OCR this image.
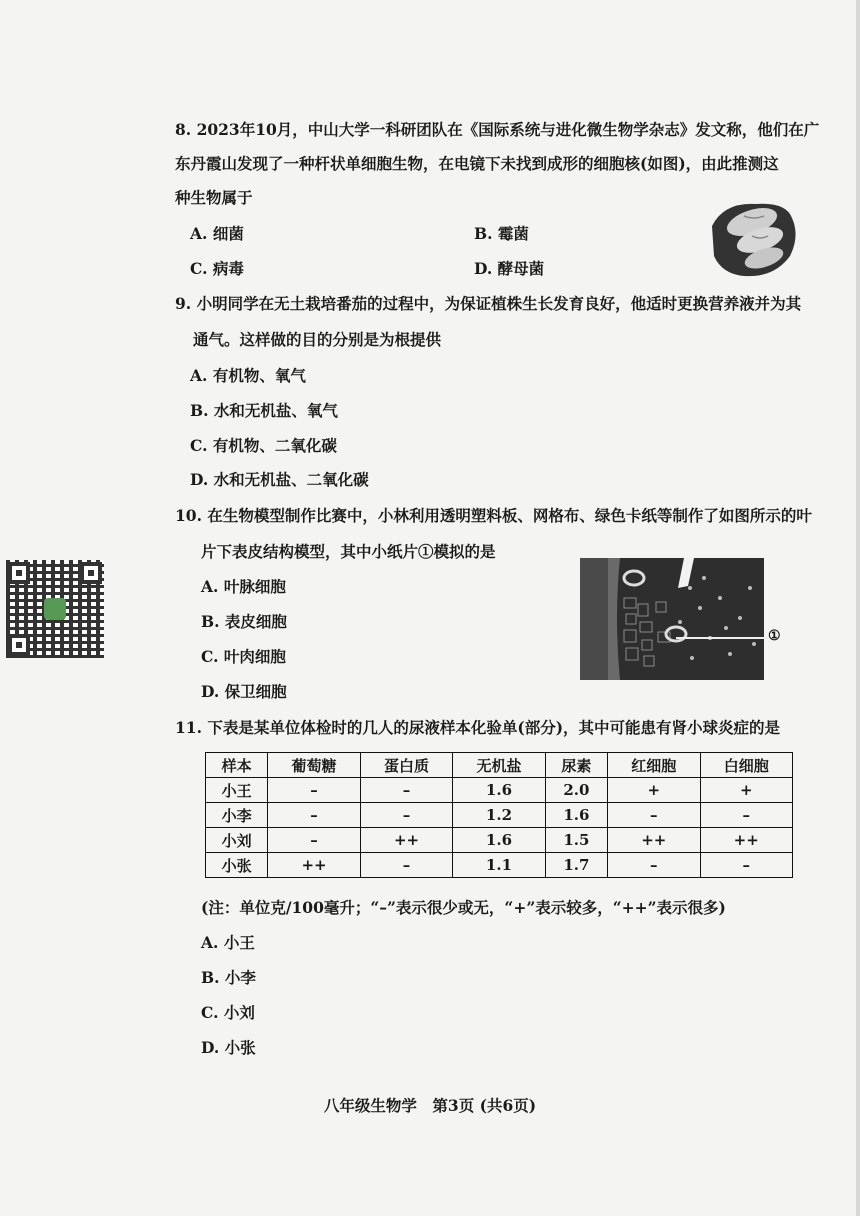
8. 2023年10月，中山大学一科研团队在《国际系统与进化微生物学杂志》发文称，他们在广
东丹霞山发现了一种杆状单细胞生物，在电镜下未找到成形的细胞核(如图)，由此推测这
种生物属于
A. 细菌	B. 霉菌
C. 病毒	D. 酵母菌
9. 小明同学在无土栽培番茄的过程中，为保证植株生长发育良好，他适时更换营养液并为其
通气。这样做的目的分别是为根提供
A. 有机物、氧气
B. 水和无机盐、氧气
C. 有机物、二氧化碳
D. 水和无机盐、二氧化碳
10. 在生物模型制作比赛中，小林利用透明塑料板、网格布、绿色卡纸等制作了如图所示的叶
片下表皮结构模型，其中小纸片①模拟的是
A. 叶脉细胞
B. 表皮细胞
C. 叶肉细胞
D. 保卫细胞
①
11. 下表是某单位体检时的几人的尿液样本化验单(部分)，其中可能患有肾小球炎症的是
样本	葡萄糖	蛋白质	无机盐	尿素	红细胞	白细胞
小王	–	–	1.6	2.0	+	+
小李	–	–	1.2	1.6	–	–
小刘	–	++	1.6	1.5	++	++
小张	++	–	1.1	1.7	–	–
(注：单位克/100毫升；“–”表示很少或无，“+”表示较多，“++”表示很多)
A. 小王
B. 小李
C. 小刘
D. 小张
八年级生物学　第3页 (共6页)
